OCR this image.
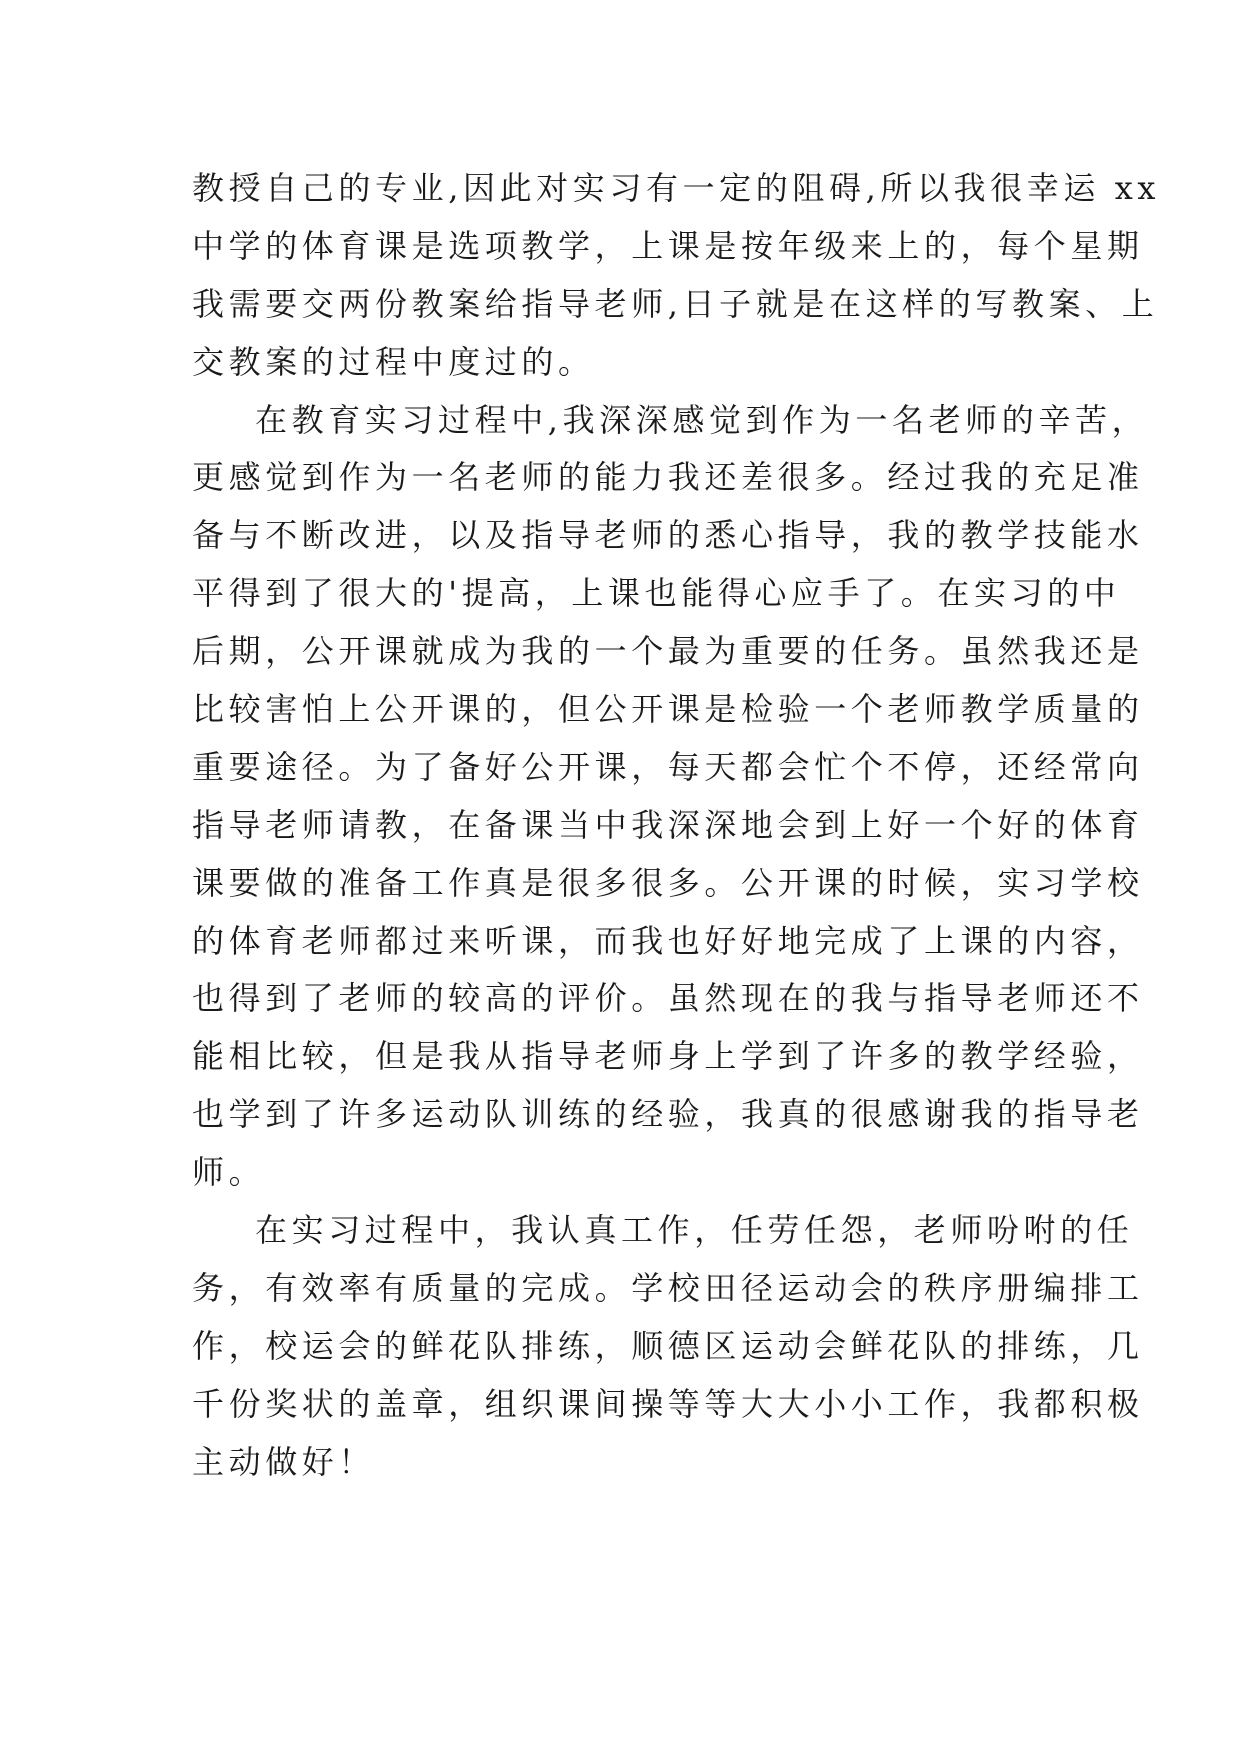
教授自己的专业,因此对实习有一定的阻碍,所以我很幸运 xx
中学的体育课是选项教学，上课是按年级来上的，每个星期
我需要交两份教案给指导老师,日子就是在这样的写教案、上
交教案的过程中度过的。
在教育实习过程中,我深深感觉到作为一名老师的辛苦，
更感觉到作为一名老师的能力我还差很多。经过我的充足准
备与不断改进，以及指导老师的悉心指导，我的教学技能水
平得到了很大的'提高，上课也能得心应手了。在实习的中
后期，公开课就成为我的一个最为重要的任务。虽然我还是
比较害怕上公开课的，但公开课是检验一个老师教学质量的
重要途径。为了备好公开课，每天都会忙个不停，还经常向
指导老师请教，在备课当中我深深地会到上好一个好的体育
课要做的准备工作真是很多很多。公开课的时候，实习学校
的体育老师都过来听课，而我也好好地完成了上课的内容，
也得到了老师的较高的评价。虽然现在的我与指导老师还不
能相比较，但是我从指导老师身上学到了许多的教学经验，
也学到了许多运动队训练的经验，我真的很感谢我的指导老
师。
在实习过程中，我认真工作，任劳任怨，老师吩咐的任
务，有效率有质量的完成。学校田径运动会的秩序册编排工
作，校运会的鲜花队排练，顺德区运动会鲜花队的排练，几
千份奖状的盖章，组织课间操等等大大小小工作，我都积极
主动做好！
